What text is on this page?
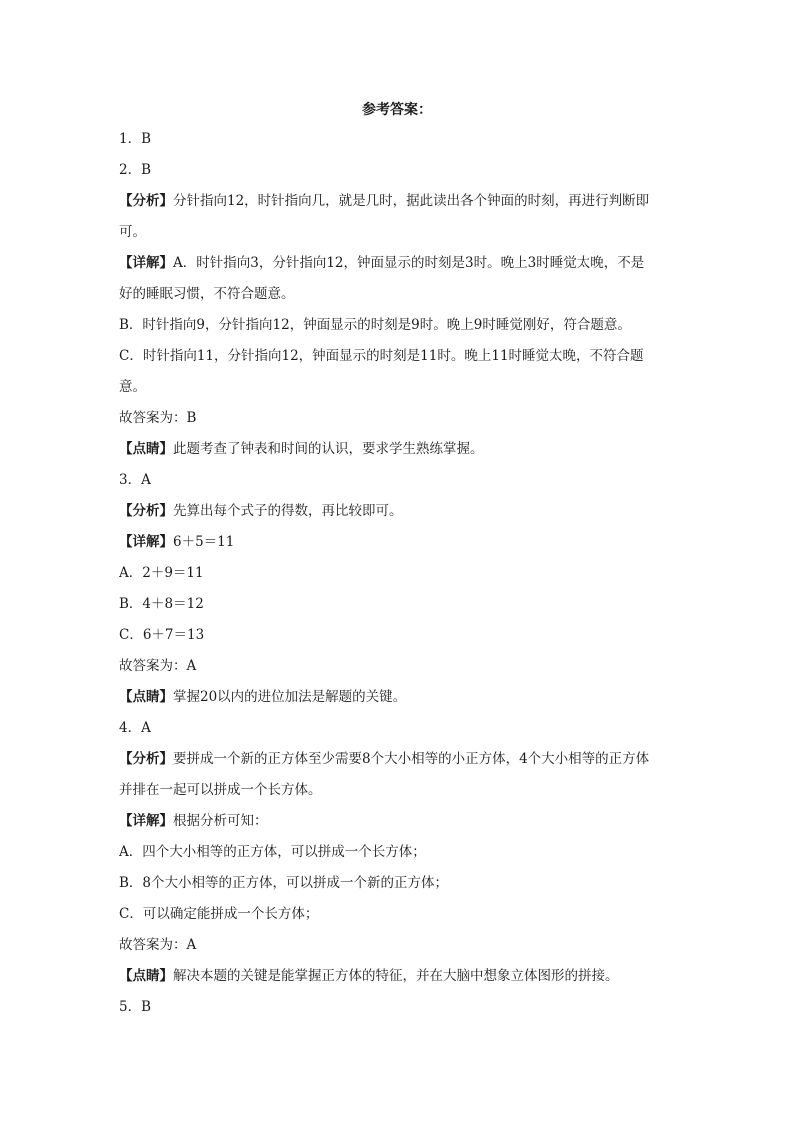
参考答案：
1．B
2．B
【分析】分针指向12，时针指向几，就是几时，据此读出各个钟面的时刻，再进行判断即
可。
【详解】A．时针指向3，分针指向12，钟面显示的时刻是3时。晚上3时睡觉太晚，不是
好的睡眠习惯，不符合题意。
B．时针指向9，分针指向12，钟面显示的时刻是9时。晚上9时睡觉刚好，符合题意。
C．时针指向11，分针指向12，钟面显示的时刻是11时。晚上11时睡觉太晚，不符合题
意。
故答案为：B
【点睛】此题考查了钟表和时间的认识，要求学生熟练掌握。
3．A
【分析】先算出每个式子的得数，再比较即可。
【详解】6＋5＝11
A．2＋9＝11
B．4＋8＝12
C．6＋7＝13
故答案为：A
【点睛】掌握20以内的进位加法是解题的关键。
4．A
【分析】要拼成一个新的正方体至少需要8个大小相等的小正方体，4个大小相等的正方体
并排在一起可以拼成一个长方体。
【详解】根据分析可知：
A．四个大小相等的正方体，可以拼成一个长方体；
B．8个大小相等的正方体，可以拼成一个新的正方体；
C．可以确定能拼成一个长方体；
故答案为：A
【点睛】解决本题的关键是能掌握正方体的特征，并在大脑中想象立体图形的拼接。
5．B
